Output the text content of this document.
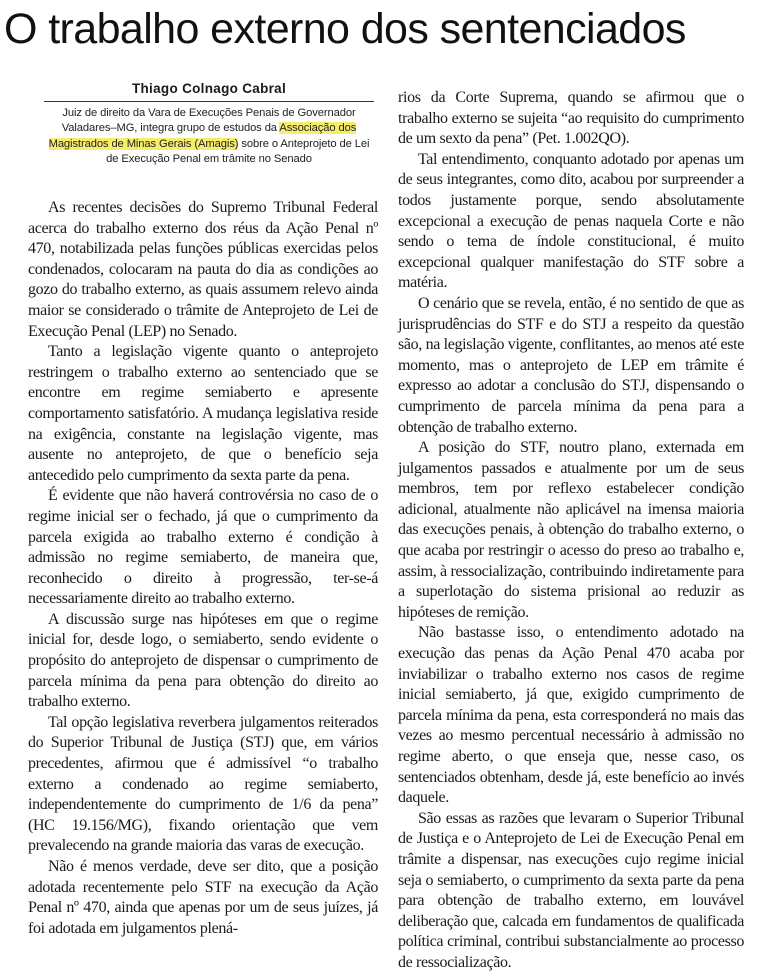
O trabalho externo dos sentenciados

Thiago Colnago Cabral

Juiz de direito da Vara de Execuções Penais de Governador Valadares–MG, integra grupo de estudos da Associação dos Magistrados de Minas Gerais (Amagis) sobre o Anteprojeto de Lei de Execução Penal em trâmite no Senado

As recentes decisões do Supremo Tribunal Federal acerca do trabalho externo dos réus da Ação Penal nº 470, notabilizada pelas funções públicas exercidas pelos condenados, colocaram na pauta do dia as condições ao gozo do trabalho externo, as quais assumem relevo ainda maior se considerado o trâmite de Anteprojeto de Lei de Execução Penal (LEP) no Senado.

Tanto a legislação vigente quanto o anteprojeto restringem o trabalho externo ao sentenciado que se encontre em regime semiaberto e apresente comportamento satisfatório. A mudança legislativa reside na exigência, constante na legislação vigente, mas ausente no anteprojeto, de que o benefício seja antecedido pelo cumprimento da sexta parte da pena.

É evidente que não haverá controvérsia no caso de o regime inicial ser o fechado, já que o cumprimento da parcela exigida ao trabalho externo é condição à admissão no regime semiaberto, de maneira que, reconhecido o direito à progressão, ter-se-á necessariamente direito ao trabalho externo.

A discussão surge nas hipóteses em que o regime inicial for, desde logo, o semiaberto, sendo evidente o propósito do anteprojeto de dispensar o cumprimento de parcela mínima da pena para obtenção do direito ao trabalho externo.

Tal opção legislativa reverbera julgamentos reiterados do Superior Tribunal de Justiça (STJ) que, em vários precedentes, afirmou que é admissível “o trabalho externo a condenado ao regime semiaberto, independentemente do cumprimento de 1/6 da pena” (HC 19.156/MG), fixando orientação que vem prevalecendo na grande maioria das varas de execução.

Não é menos verdade, deve ser dito, que a posição adotada recentemente pelo STF na execução da Ação Penal nº 470, ainda que apenas por um de seus juízes, já foi adotada em julgamentos plená-

rios da Corte Suprema, quando se afirmou que o trabalho externo se sujeita “ao requisito do cumprimento de um sexto da pena” (Pet. 1.002QO).

Tal entendimento, conquanto adotado por apenas um de seus integrantes, como dito, acabou por surpreender a todos justamente porque, sendo absolutamente excepcional a execução de penas naquela Corte e não sendo o tema de índole constitucional, é muito excepcional qualquer manifestação do STF sobre a matéria.

O cenário que se revela, então, é no sentido de que as jurisprudências do STF e do STJ a respeito da questão são, na legislação vigente, conflitantes, ao menos até este momento, mas o anteprojeto de LEP em trâmite é expresso ao adotar a conclusão do STJ, dispensando o cumprimento de parcela mínima da pena para a obtenção de trabalho externo.

A posição do STF, noutro plano, externada em julgamentos passados e atualmente por um de seus membros, tem por reflexo estabelecer condição adicional, atualmente não aplicável na imensa maioria das execuções penais, à obtenção do trabalho externo, o que acaba por restringir o acesso do preso ao trabalho e, assim, à ressocialização, contribuindo indiretamente para a superlotação do sistema prisional ao reduzir as hipóteses de remição.

Não bastasse isso, o entendimento adotado na execução das penas da Ação Penal 470 acaba por inviabilizar o trabalho externo nos casos de regime inicial semiaberto, já que, exigido cumprimento de parcela mínima da pena, esta corresponderá no mais das vezes ao mesmo percentual necessário à admissão no regime aberto, o que enseja que, nesse caso, os sentenciados obtenham, desde já, este benefício ao invés daquele.

São essas as razões que levaram o Superior Tribunal de Justiça e o Anteprojeto de Lei de Execução Penal em trâmite a dispensar, nas execuções cujo regime inicial seja o semiaberto, o cumprimento da sexta parte da pena para obtenção de trabalho externo, em louvável deliberação que, calcada em fundamentos de qualificada política criminal, contribui substancialmente ao processo de ressocialização.
